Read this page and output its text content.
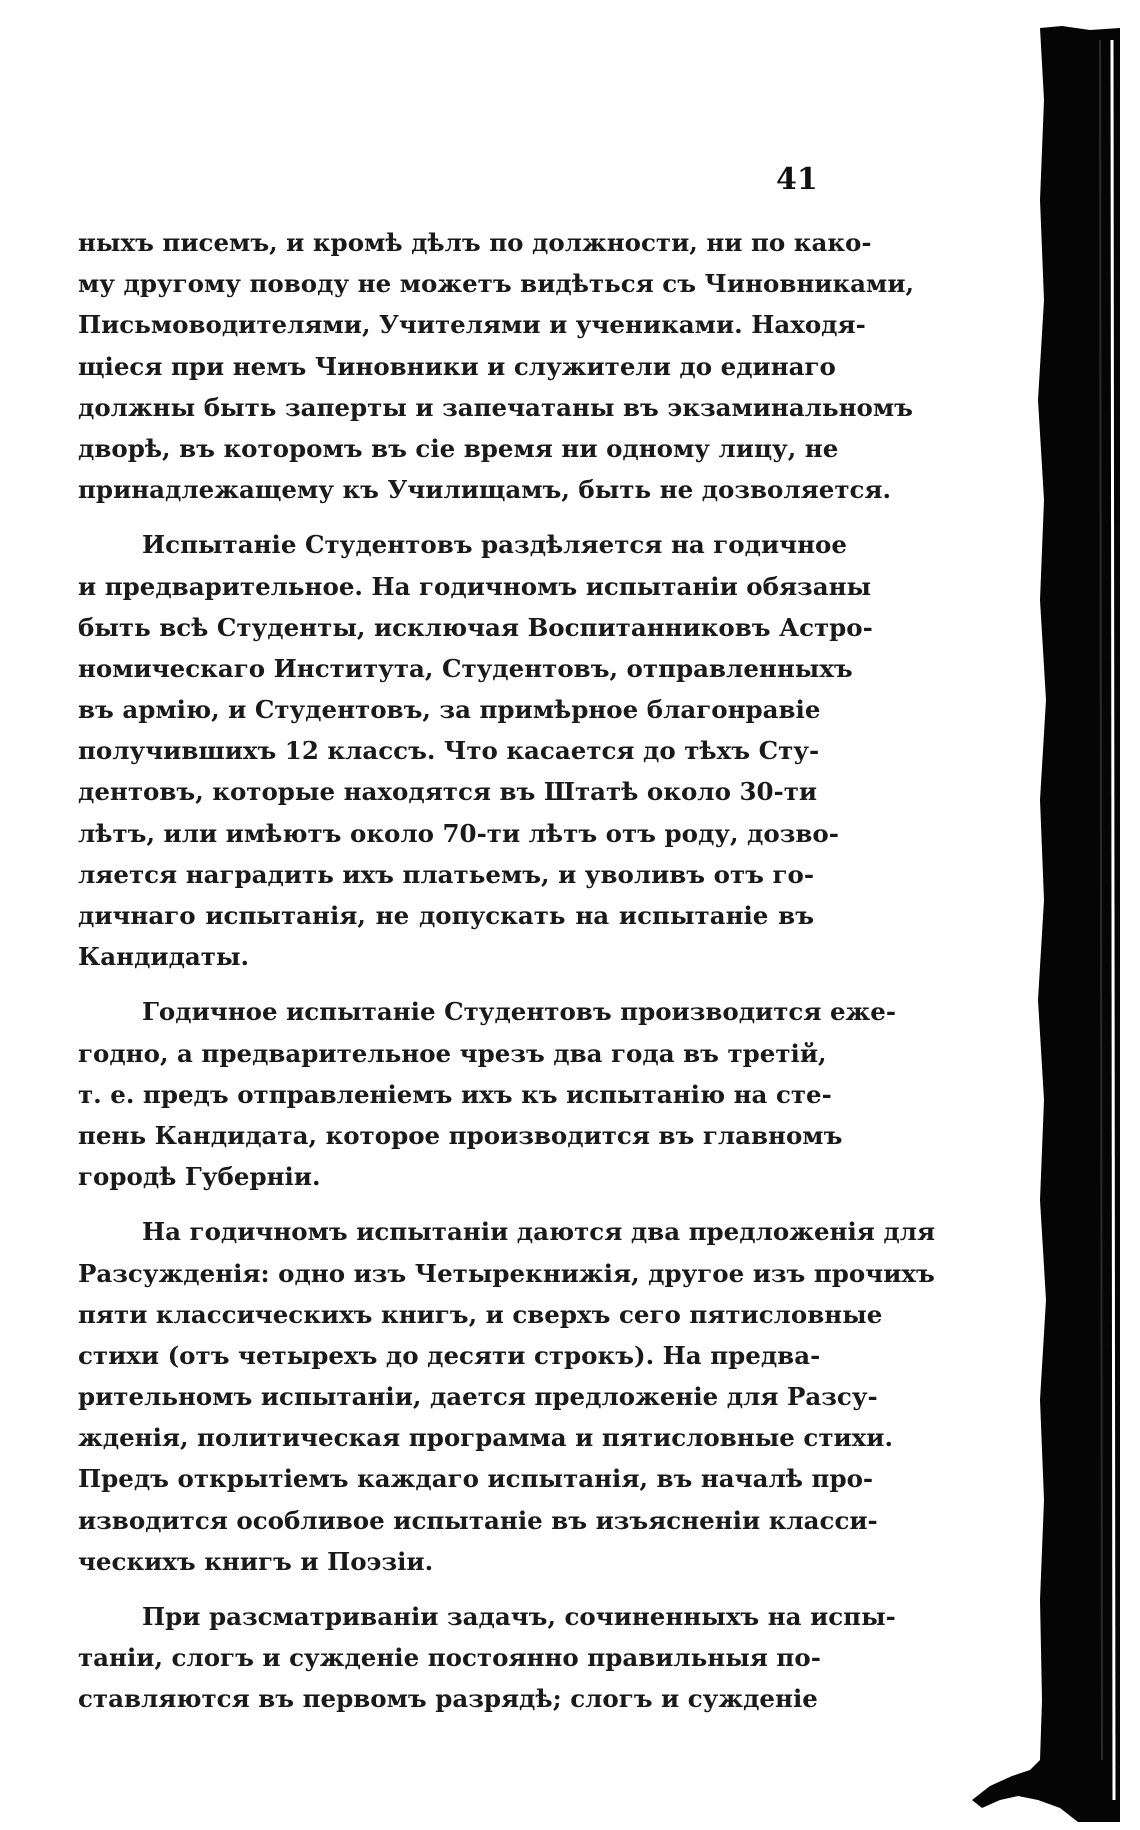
41
ныхъ писемъ, и кромѣ дѣлъ по должности, ни по како-
му другому поводу не можетъ видѣться съ Чиновниками,
Письмоводителями, Учителями и учениками. Находя-
щіеся при немъ Чиновники и служители до единаго
должны быть заперты и запечатаны въ экзаминальномъ
дворѣ, въ которомъ въ сіе время ни одному лицу, не
принадлежащему къ Училищамъ, быть не дозволяется.
Испытаніе Студентовъ раздѣляется на годичное
и предварительное. На годичномъ испытаніи обязаны
быть всѣ Студенты, исключая Воспитанниковъ Астро-
номическаго Института, Студентовъ, отправленныхъ
въ армію, и Студентовъ, за примѣрное благонравіе
получившихъ 12 классъ. Что касается до тѣхъ Сту-
дентовъ, которые находятся въ Штатѣ около 30-ти
лѣтъ, или имѣютъ около 70-ти лѣтъ отъ роду, дозво-
ляется наградить ихъ платьемъ, и уволивъ отъ го-
дичнаго испытанія, не допускать на испытаніе въ
Кандидаты.
Годичное испытаніе Студентовъ производится еже-
годно, а предварительное чрезъ два года въ третій,
т. е. предъ отправленіемъ ихъ къ испытанію на сте-
пень Кандидата, которое производится въ главномъ
городѣ Губерніи.
На годичномъ испытаніи даются два предложенія для
Разсужденія: одно изъ Четырекнижія, другое изъ прочихъ
пяти классическихъ книгъ, и сверхъ сего пятисловные
стихи (отъ четырехъ до десяти строкъ). На предва-
рительномъ испытаніи, дается предложеніе для Разсу-
жденія, политическая программа и пятисловные стихи.
Предъ открытіемъ каждаго испытанія, въ началѣ про-
изводится особливое испытаніе въ изъясненіи класси-
ческихъ книгъ и Поэзіи.
При разсматриваніи задачъ, сочиненныхъ на испы-
таніи, слогъ и сужденіе постоянно правильныя по-
ставляются въ первомъ разрядѣ; слогъ и сужденіе
